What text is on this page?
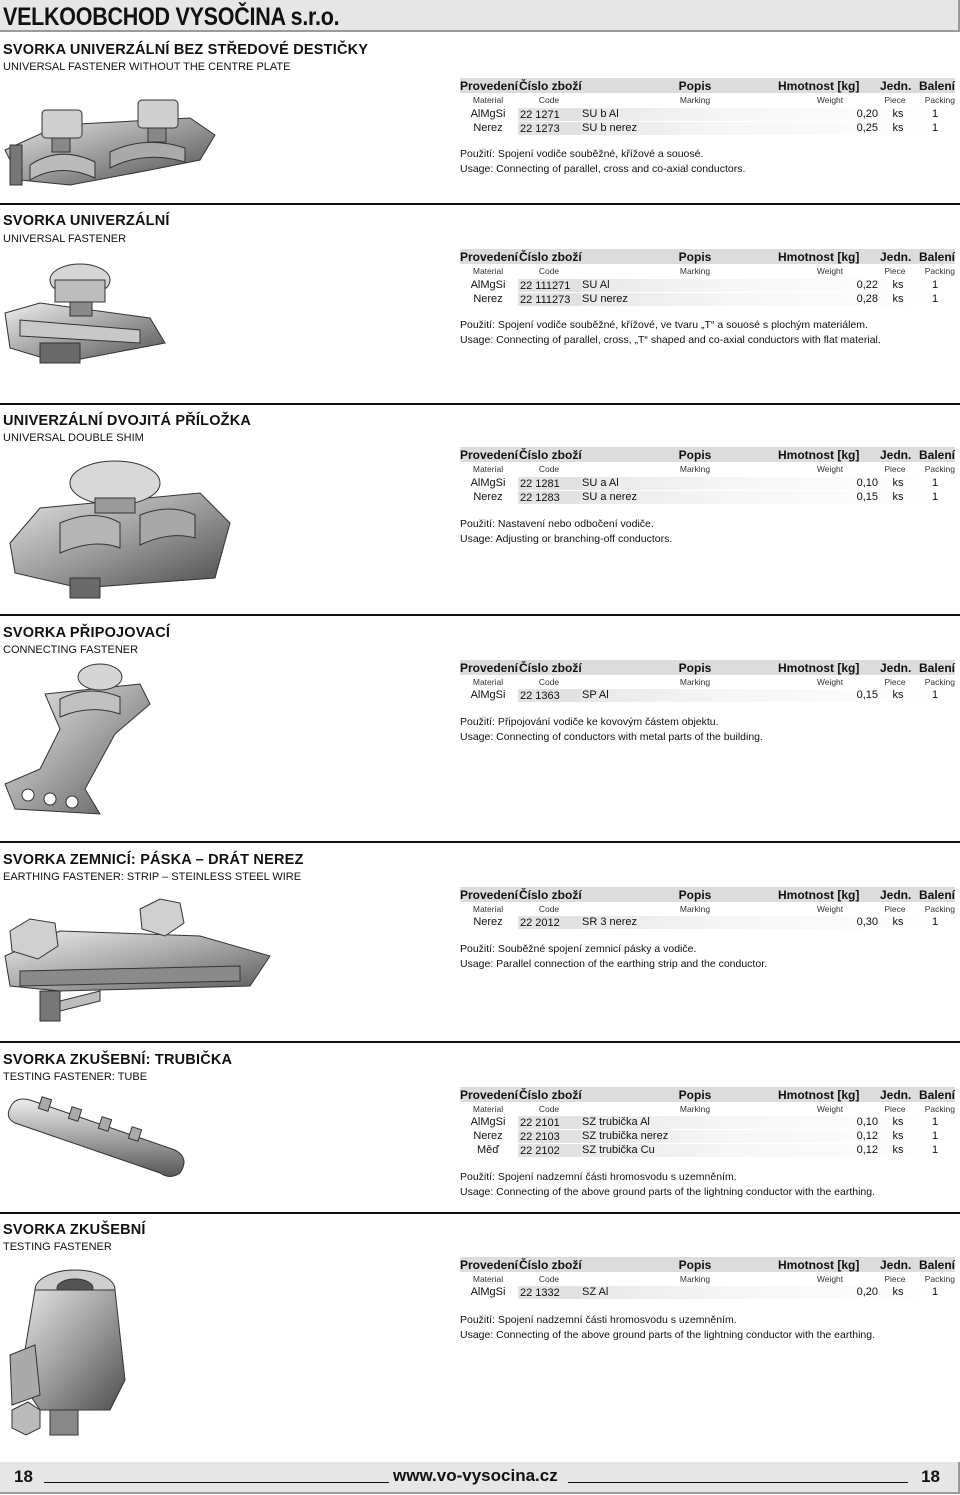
VELKOOBCHOD VYSOČINA s.r.o.
SVORKA UNIVERZÁLNÍ BEZ STŘEDOVÉ DESTIČKY
UNIVERSAL FASTENER WITHOUT THE CENTRE PLATE
Provedení Číslo zboží	Popis	Hmotnost [kg]	Jedn. Balení
Material	Code	Marking	Weight	Piece	Packing
AlMgSi	22 1271 SU b Al	0,20	ks	1
Nerez	22 1273 SU b nerez	0,25	ks	1
Použití: Spojení vodiče souběžné, křížové a souosé.
Usage: Connecting of parallel, cross and co-axial conductors.
SVORKA UNIVERZÁLNÍ
UNIVERSAL FASTENER
Provedení Číslo zboží	Popis	Hmotnost [kg]	Jedn. Balení
Material	Code	Marking	Weight	Piece	Packing
AlMgSi	22 111271 SU Al	0,22	ks	1
Nerez	22 111273 SU nerez	0,28	ks	1
Použití: Spojení vodiče souběžné, křížové, ve tvaru „T“ a souosé s plochým materiálem.
Usage: Connecting of parallel, cross, „T“ shaped and co-axial conductors with flat material.
UNIVERZÁLNÍ DVOJITÁ PŘÍLOŽKA
UNIVERSAL DOUBLE SHIM
Provedení Číslo zboží	Popis	Hmotnost [kg]	Jedn. Balení
Material	Code	Marking	Weight	Piece	Packing
AlMgSi	22 1281 SU a Al	0,10	ks	1
Nerez	22 1283 SU a nerez	0,15	ks	1
Použití: Nastavení nebo odbočení vodiče.
Usage: Adjusting or branching-off conductors.
SVORKA PŘIPOJOVACÍ
CONNECTING FASTENER
Provedení Číslo zboží	Popis	Hmotnost [kg]	Jedn. Balení
Material	Code	Marking	Weight	Piece	Packing
AlMgSi	22 1363 SP Al	0,15	ks	1
Použití: Připojování vodiče ke kovovým částem objektu.
Usage: Connecting of conductors with metal parts of the building.
SVORKA ZEMNICÍ: PÁSKA – DRÁT NEREZ
EARTHING FASTENER: STRIP – STEINLESS STEEL WIRE
Provedení Číslo zboží	Popis	Hmotnost [kg]	Jedn. Balení
Material	Code	Marking	Weight	Piece	Packing
Nerez	22 2012 SR 3 nerez	0,30	ks	1
Použití: Souběžné spojení zemnicí pásky a vodiče.
Usage: Parallel connection of the earthing strip and the conductor.
SVORKA ZKUŠEBNÍ: TRUBIČKA
TESTING FASTENER: TUBE
Provedení Číslo zboží	Popis	Hmotnost [kg]	Jedn. Balení
Material	Code	Marking	Weight	Piece	Packing
AlMgSi	22 2101 SZ trubička Al	0,10	ks	1
Nerez	22 2103 SZ trubička nerez	0,12	ks	1
Měď	22 2102 SZ trubička Cu	0,12	ks	1
Použití: Spojení nadzemní části hromosvodu s uzemněním.
Usage: Connecting of the above ground parts of the lightning conductor with the earthing.
SVORKA ZKUŠEBNÍ
TESTING FASTENER
Provedení Číslo zboží	Popis	Hmotnost [kg]	Jedn. Balení
Material	Code	Marking	Weight	Piece	Packing
AlMgSi	22 1332 SZ Al	0,20	ks	1
Použití: Spojení nadzemní části hromosvodu s uzemněním.
Usage: Connecting of the above ground parts of the lightning conductor with the earthing.
18	www.vo-vysocina.cz	18
